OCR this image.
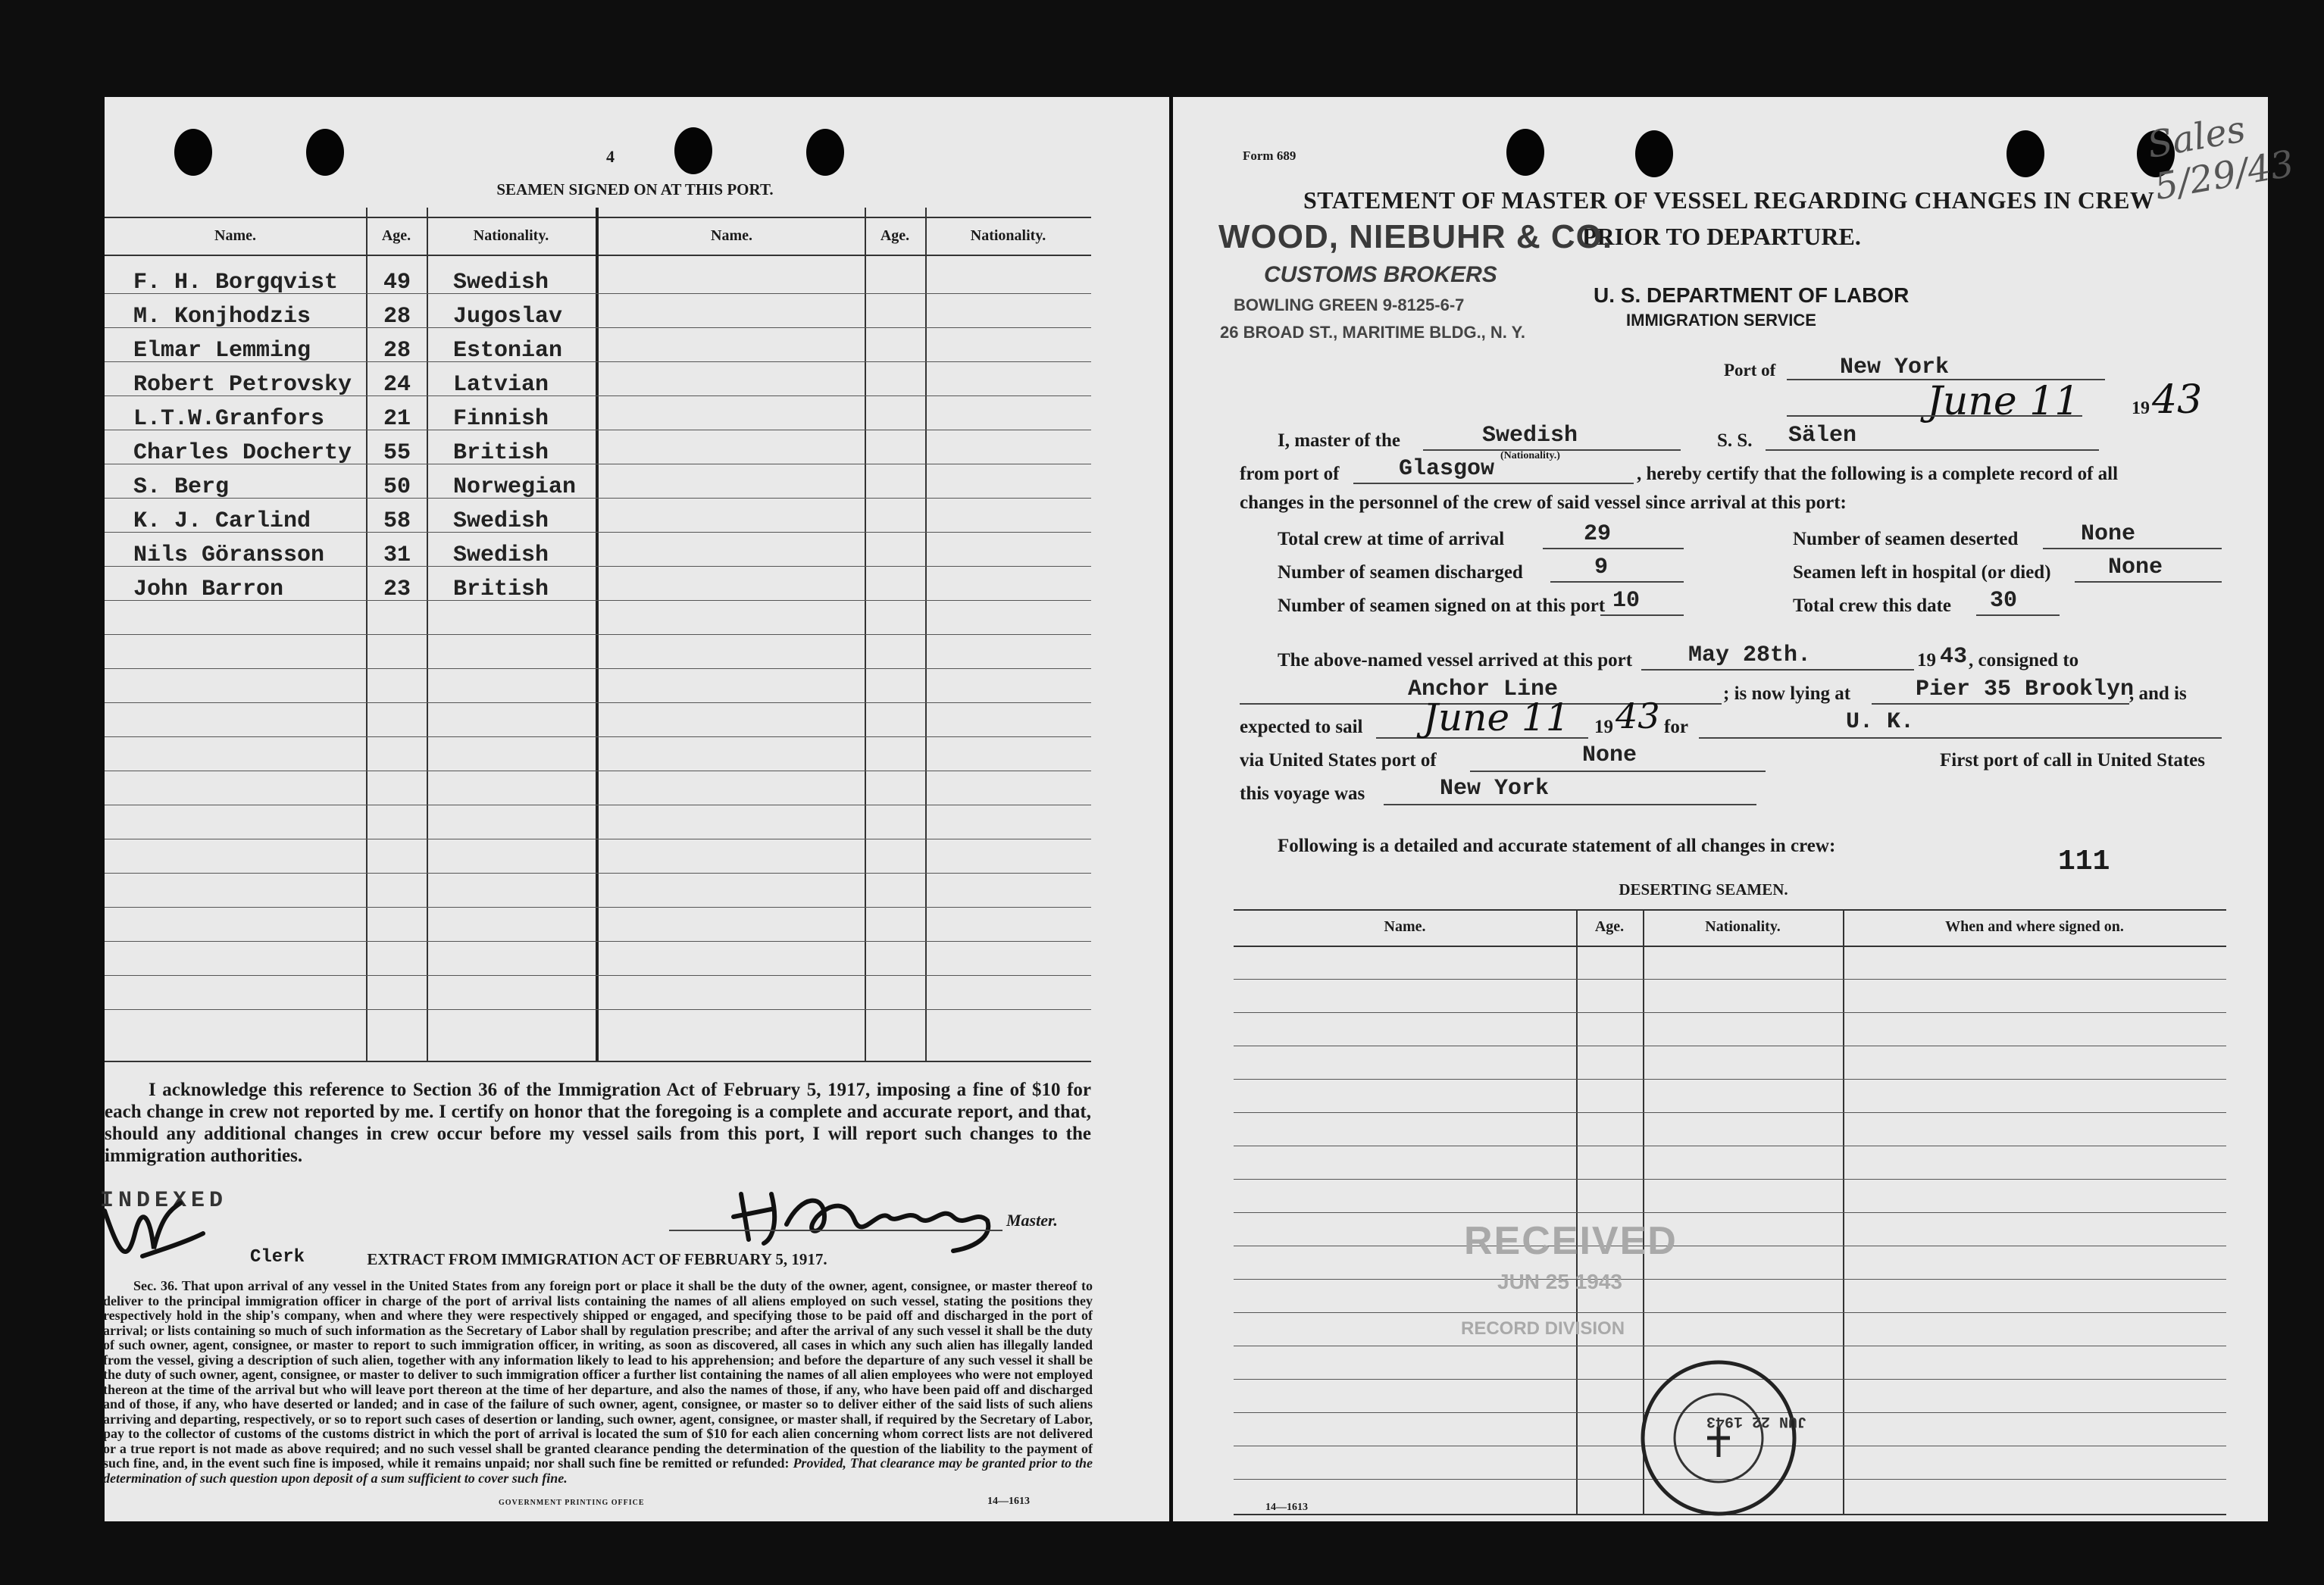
4
SEAMEN SIGNED ON AT THIS PORT.
Name.	Age.	Nationality.	Name.	Age.	Nationality.
F. H. Borgqvist 49 Swedish
M. Konjhodzis	28 Jugoslav
Elmar Lemming	28 Estonian
Robert Petrovsky 24 Latvian
L.T.W.Granfors	21 Finnish
Charles Docherty 55 British
S. Berg	50 Norwegian
K. J. Carlind	58 Swedish
Nils Göransson	31 Swedish
John Barron	23 British
I acknowledge this reference to Section 36 of the Immigration Act of February 5, 1917, imposing a fine of $10 for each change in crew not reported by me. I certify on honor that the foregoing is a complete and accurate report, and that, should any additional changes in crew occur before my vessel sails from this port, I will report such changes to the immigration authorities.
INDEXED
Clerk
Master.
EXTRACT FROM IMMIGRATION ACT OF FEBRUARY 5, 1917.
Sec. 36. That upon arrival of any vessel in the United States from any foreign port or place it shall be the duty of the owner, agent, consignee, or master thereof to deliver to the principal immigration officer in charge of the port of arrival lists containing the names of all aliens employed on such vessel, stating the positions they respectively hold in the ship's company, when and where they were respectively shipped or engaged, and specifying those to be paid off and discharged in the port of arrival; or lists containing so much of such information as the Secretary of Labor shall by regulation prescribe; and after the arrival of any such vessel it shall be the duty of such owner, agent, consignee, or master to report to such immigration officer, in writing, as soon as discovered, all cases in which any such alien has illegally landed from the vessel, giving a description of such alien, together with any information likely to lead to his apprehension; and before the departure of any such vessel it shall be the duty of such owner, agent, consignee, or master to deliver to such immigration officer a further list containing the names of all alien employees who were not employed thereon at the time of the arrival but who will leave port thereon at the time of her departure, and also the names of those, if any, who have been paid off and discharged and of those, if any, who have deserted or landed; and in case of the failure of such owner, agent, consignee, or master so to deliver either of the said lists of such aliens arriving and departing, respectively, or so to report such cases of desertion or landing, such owner, agent, consignee, or master shall, if required by the Secretary of Labor, pay to the collector of customs of the customs district in which the port of arrival is located the sum of $10 for each alien concerning whom correct lists are not delivered or a true report is not made as above required; and no such vessel shall be granted clearance pending the determination of the question of the liability to the payment of such fine, and, in the event such fine is imposed, while it remains unpaid; nor shall such fine be remitted or refunded: Provided, That clearance may be granted prior to the determination of such question upon deposit of a sum sufficient to cover such fine.
GOVERNMENT PRINTING OFFICE	14—1613
Form 689	Sales 5/29/43
STATEMENT OF MASTER OF VESSEL REGARDING CHANGES IN CREW
PRIOR TO DEPARTURE.
WOOD, NIEBUHR & CO.
CUSTOMS BROKERS
BOWLING GREEN 9-8125-6-7
26 BROAD ST., MARITIME BLDG., N. Y.
U. S. DEPARTMENT OF LABOR
IMMIGRATION SERVICE
Port of	New York
June 11	19 43
I, master of the	Swedish
(Nationality.)
S. S. Sälen
from port of	Glasgow	, hereby certify that the following is a complete record of all
changes in the personnel of the crew of said vessel since arrival at this port:
Total crew at time of arrival	29	Number of seamen deserted	None
Number of seamen discharged	9	Seamen left in hospital (or died)	None
Number of seamen signed on at this port 10	Total crew this date 30
The above-named vessel arrived at this port May 28th.	19 43 , consigned to
Anchor Line	; is now lying at	Pier 35 Brooklyn
, and is
expected to sail June 11 19 43 for	U. K.
via United States port of	None	First port of call in United States
this voyage was	New York
Following is a detailed and accurate statement of all changes in crew:	111
DESERTING SEAMEN.
Name.	Age.	Nationality.	When and where signed on.
RECEIVED
JUN 25 1943
RECORD DIVISION
JUN 22 1943
14—1613
